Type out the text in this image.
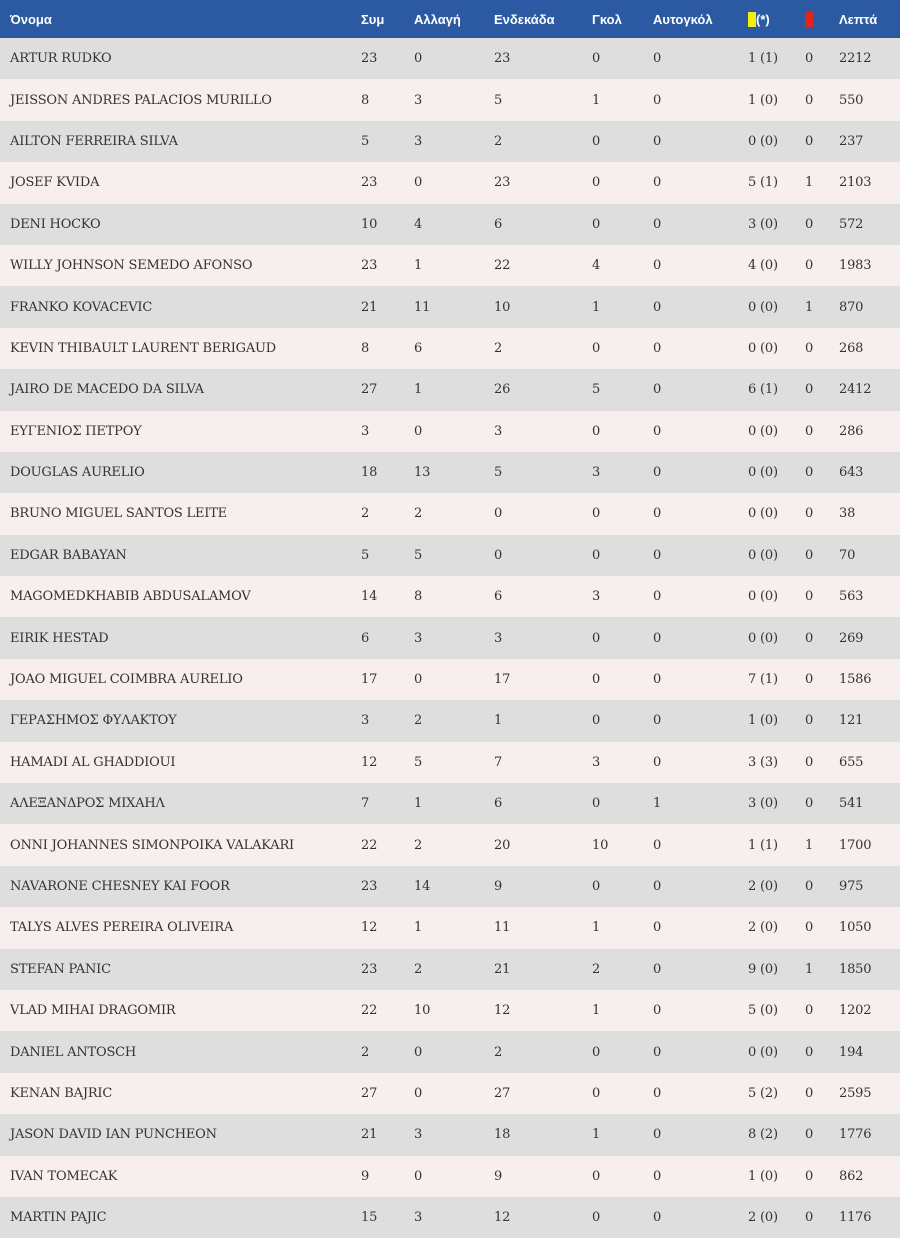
Όνομα	Συμ	Αλλαγή	Ενδεκάδα	Γκολ	Αυτογκόλ	(*)		Λεπτά
ARTUR RUDKO	23	0	23	0	0	1 (1)	0	2212
JEISSON ANDRES PALACIOS MURILLO	8	3	5	1	0	1 (0)	0	550
AILTON FERREIRA SILVA	5	3	2	0	0	0 (0)	0	237
JOSEF KVIDA	23	0	23	0	0	5 (1)	1	2103
DENI HOCKO	10	4	6	0	0	3 (0)	0	572
WILLY JOHNSON SEMEDO AFONSO	23	1	22	4	0	4 (0)	0	1983
FRANKO KOVACEVIC	21	11	10	1	0	0 (0)	1	870
KEVIN THIBAULT LAURENT BERIGAUD	8	6	2	0	0	0 (0)	0	268
JAIRO DE MACEDO DA SILVA	27	1	26	5	0	6 (1)	0	2412
ΕΥΓΕΝΙΟΣ ΠΕΤΡΟΥ	3	0	3	0	0	0 (0)	0	286
DOUGLAS AURELIO	18	13	5	3	0	0 (0)	0	643
BRUNO MIGUEL SANTOS LEITE	2	2	0	0	0	0 (0)	0	38
EDGAR BABAYAN	5	5	0	0	0	0 (0)	0	70
MAGOMEDKHABIB ABDUSALAMOV	14	8	6	3	0	0 (0)	0	563
EIRIK HESTAD	6	3	3	0	0	0 (0)	0	269
JOAO MIGUEL COIMBRA AURELIO	17	0	17	0	0	7 (1)	0	1586
ΓΕΡΑΣΗΜΟΣ ΦΥΛΑΚΤΟΥ	3	2	1	0	0	1 (0)	0	121
HAMADI AL GHADDIOUI	12	5	7	3	0	3 (3)	0	655
ΑΛΕΞΑΝΔΡΟΣ ΜΙΧΑΗΛ	7	1	6	0	1	3 (0)	0	541
ONNI JOHANNES SIMONPOIKA VALAKARI	22	2	20	10	0	1 (1)	1	1700
NAVARONE CHESNEY KAI FOOR	23	14	9	0	0	2 (0)	0	975
TALYS ALVES PEREIRA OLIVEIRA	12	1	11	1	0	2 (0)	0	1050
STEFAN PANIC	23	2	21	2	0	9 (0)	1	1850
VLAD MIHAI DRAGOMIR	22	10	12	1	0	5 (0)	0	1202
DANIEL ANTOSCH	2	0	2	0	0	0 (0)	0	194
KENAN BAJRIC	27	0	27	0	0	5 (2)	0	2595
JASON DAVID IAN PUNCHEON	21	3	18	1	0	8 (2)	0	1776
IVAN TOMECAK	9	0	9	0	0	1 (0)	0	862
MARTIN PAJIC	15	3	12	0	0	2 (0)	0	1176
